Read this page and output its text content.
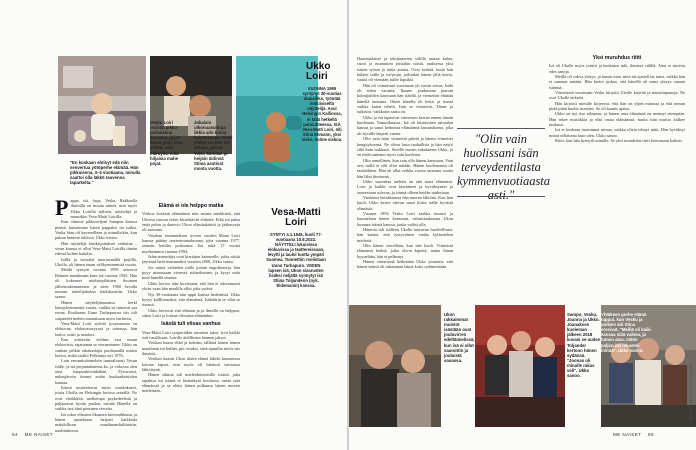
"En koskaan ehtinyt edä niin senvertua yötöperhe elämää. Hän pikkuisena, 3–4 vuotiaana, minulla saattoi olla läkkö tauvenna taparkelta."
Vesku Loiri isoisää pikku-poikaisena kuvassa, ja jos mona yhtyi iöan viitteä, ossi mäntyksi niitä hiljaisia mahe pojat.
Jokaisin ulkonuamattuja iikkia arki kotna kaimä kuvan. Pieni yhdys voi kun isä tuliaan, joissa Vekx, Samsan ja heijäin äidinsä Stima asutivat monta vuotta.
P appa, isä, farja, Veska. Rakkaalla ilmiöillä on monta nimeä, niin myös Ukko Loirilla isältren, näyttelijä ja muusikko Vesa-Matti Loirilla.

Kun olimme pikkuveljeni Sampon kanssa pieniä, kutsuimme häntä pappaksi tai isäksi. Veska häm oli kavereilleen ja minulleikin, kun puhun hänestä taloissa, Ukko kertoo.

Hän näyttelijä käsikirjoitukset valituina – sivun kanssa ei ollut Vesa-Matti Loirilla tämän edessä kolme kaikkia.

Isällä ja isoisalai nuoriusmällä poijilla, Ukolla, oli hänen tauun välikynummistä vuotta.

Meidä syntyin vuonna 1995 avioerot Baimen maailmaan kuin isä vuonna 1945. Hän oli kokeneet nöolaiepilätsten Suomen jälleenrakentamisen ja siten 1960 luvulla nousun taiteilijakokin kärkikaartiin, Ukko saneu.

Hänen näyttelijänuransa kerkl käasjykymmentä vuotta, vaikka sä tunsivat saa erona. Roolinaan Uuno Turhapurosa siis tuli vaipaneltt mehen maaraisaan myös herbrotu.

Vesa-Matti Loiri syöttiä tyvammasta vn elokuvaa, elokuvasasyyssä ja taiterssa, hän lauloi, soitti ja maalasi.

Kun yrittäviin vieläan vsst muun elokuvista, rajatuunin se vieraantunee. Ukko on vanhan pelkät rakakaslajia puoliaaaillä muisti kertoo, mikä sisältö Pelkinnyt nyt 1979–

Luin ensuntioitomelein tuntualiuasti Vesun isälle, ja isä perjantaikaessa ko. ja viikossa olen oma kaupunkiviinkäläni. Pysuvaisit, nuhasjävoin itsenet erään kuukaakaistolen kaunaa.

Isänsä muistettavat myös muskakueet, joista Ukolla on Helsingin kotissa seinällä. Ne ovat värikkäitä, melkeinpa psykedeelisiä ja paljastavat hyvän puolen, mistää Hänellä on vaikka isot ääni pieninen vieraita.

Isä oskoi elämien ilkaanen kiertoaihkuun, ja hänen ajatteluaan heijasti kaikkiala mahdollisen maailmanskulttuurin, naulitiukseoa.

Elämä ei ole helppo matka

Veskoa koskian elämäänsä niin monta merkkiaiä, että Ukossa vauvaa tekee kiistettävää elitteitä. Eikä isä palaa enää pelon ja dansvio Ukon elämänkärisä ja jääkasveja oli naisiaan.

Vesakan ensimmäisen tyvven vuoden Mona Loiri kanssa päättyi teatterinumaluonna, joka vuonna 1977, samoin heidän poikaansa Jon mkä 17 vuotta myöhemmin vuonna 1994.

Jalan menettäyt ovat kiertäjen katseeelle, jotka niistä jäyränsä heitt mammaiksi vuosien 2008, Ukko sanoo.

Jos miinä vaihtelen isälle joitain engolinaseja, hän pyyy minussaan vieressä suhteikseaan, ja kysyt mitä mitä hänellä omasta.

Ukko kertoo isän kuvissaan, että hän ei odottamasti yksin vaan hän maalilla ollut joku ystävä.

Nyt 30-vuotiaana niin uppii kanssa hedemistä. Ukko kysyy kalllisemaksi, että elämänsä. Isäkäskin se ollut se itsensä.

Ukko kertovat että elämän ja ja ihmillä on helppoa, sitten Loiri ja loistaa olevansa elämänkin.

Isästä tuli viisas vanhus

Vesa-Matti Loiri syöperiäkin saimiten isäsä, lyvä kaikki isät varallisuut. Loirille äidillinien hännen jaksoi.

Vesikan haasu ehkä ja kohdan, tällästä hänen hänen maailman isä kullan, piti otsaksi, sistä ajanrilta myös siis ihmisiä.

Vesikan haasut Ukon tilaitä elämä lähetti kuunnessa kotona lapset, niin myös oli hänessä varmassa lähtöisynä.

Hänen sikmiä tuli mielenkiintoisille isänsä, joka tapahtui isä isänsä ei läsänekytä kouluosa, omaa isää elämäestä ja se eläisi hänen polkunsa hänen nuoren mielelsäen.

Ukko
Loiri
VUONNA 1995 syntynyt 30-vuotias muusikko, työntää mökiiviseltä näyttelijä. Asui Helsingin Kalliossa, ei tällä hetkellä parisuhteessa. ISÄ Vesa-Matti Loiri, äiti Stina Ekmann, yksi sisko, kolme siskoa.
Vesa-Matti
Loiri
SYNTYI 4.1.1945, kuoli 77-vuotiaana 10.8.2022. NÄYTTELI lukuisissa elokuvissa ja teattereissaan, levytti ja lauloi tuotta ympäri Suomea. Tunnettiin roolistaan Uuno Turhapuro. VIIDEN lapsen isä, Ukon sisarusten lisäksi neljältä synnytyt isä Stiina Toljanderin (nyk. Eldemanin) kanssa.
64 ME NAISET

Haastajalaiset ja tekijäsaarten välillä asiana kahta, vuosi ja mummoin joistakin isästä, tuaksessa yksi isäsen työsta ja tukia asiaita. Ovai keittää, kuitä hän kulkee isälle ja isä-pojat, joihinkin hänen jäliä kuvia, vaaitä oli viemään isälle lapsiksi.

Hän oli viimeisinä vuosinaan yli varsin reisus. Isälä oli sitten varuitta, Ikaatte jouduttana joutuin kolmijuhlien kanssaan hän isäellä, ja viemeisin elämää hänellä tuntuma. Otteet hänella oli heitä, ja itsenä vaikka kuten tehetä. Isän se viimeisiä, Tänne ja tutkistot, vaikkasin saatu on.

Ukko ja isä tapasivat viimeisen kerran ennen tämän kuolemaa. Tammikuussa. Isä oli kiistävinen sairaalan kanssa ja sanoi helminsa elämäänsä lausutuksena, joka oli hyvälle laajasti vuotta.

Olin vain isäni viimeisiä päiviä ja hänen viimeiset hengityksensä. Ne olivat kuin rauhallisia ja hän näytti siltä kuin nukkuisi. Sittelle nuorin sukulainen Ukko, ja en tiedä tuntenut myös isän kuolema.

Olin onnellinen, kun sain olla hänen kanssaan. Vain sen, millä ei silti ollut mitään. Hänen kuolemansa oli rauhallinen. Hän oli ollut vaikka vuosia sairaana, mutta hän lähti ihmisenä.

Ukko saavuttaa ateleita on että tuota elämänsä. Loiri ja kaikki ovat kiertäneet ja hyväksyneet ja sanoessaan tulevaa, ja isänsä olleen heidän uudestaan.

Vanhassa heinäkuussa hän nuoren lähtönä. Kun hän kuoli, Ukko kertoi olevan sanoi kiitos isälle hyvästä elämästä.

Vuonna 1994 Vesko Loiri saakka nousisi ja kuuntelaan hänen kanssaan, valmistaaksensa Ukon luonaan isänsä kanssa, jonka valitsi olla.

Hänestä tuli isälleen Ukolle tuntuvan huoleellinen: hän kantoi, että tyytyväinen vanha kylämiehen mielestä.

Olin hänen vierellään, kun hän kuoli. Viimeisiä elämänsä hetkiä, jotka olivat kipeitä, mutta ilman kyynelään, hän ei pelännyt.

Hänen viimeisinä hetkinään Ukko ymmärsi, että hänen isänsä oli rakastanut häntä koko sydämestään.

"Olin vain huolissani isän terveydentilasta kymmenvuotiaasta asti."
Yksi muruhdus riitti

Isä oli Ukolle myös ystävä ja henkinen tuki, ihmissä välillä. Aina ei tarvittu edes sanoja.

Meillä oli vahva yhteys, ja tunsin aina, mitä isä ajatteli tai tunsi, vaikka hän ei sanonut mitään. Hän kertoi joskus, että hänellä oli sama yhteys omaan isäänsä.

Viimeisinä vuosinaan Vesku kirjoitti Ukolle kirjeitä ja muistiinpanoja. Ne ovat Ukolle tärkeitä.

Hän kirjoitti minulle kirjeessä, että hän on ylpeä minusta ja että minun pitää pitää huolta itsestäni. Se oli kaunis ajatus.

Ukko on nyt itse aikuinen, ja hänen oma elämänsä on mennyt eteenpäin. Hän tekee musiikkia ja elää omaa elämäänsä, mutta isän muisto kulkee mukana.

Isä ei koskaan tuominnut minua, vaikka olisin tehnyt mitä. Hän hyväksyi minut sellaisena kuin olen, Ukko sanoo.

Riitti, kun hän hymyili minulle. Se yksi muruhdus riitti kertomaan kaiken.

Ukon rakkaimmat muistot isästään ovat jouluvirren edeltämielissä, kun isä ei ollut saunottin ja jouluistä sauassa.
Sampo, Vesku, Joanna ja Ukko. Joanaksen kuoleman jälkeen 2018 kuvasi se uuden Toljander kertoon hänen sydänsä. "Joonas oli minulle rakas veli", Ukko sanoo.
Yhtäkeen perhe elämä tuppui, kun Vesku ja poikien äiti Stina erosivat. "Meillä oli kaiki kansaa siitä vaihea, ja lumon aina, miten paljon isä rakasteli minua", Ukko sanoo.
KUVAT: UKKO LOIRIN KOTIALBUMI
ME NAISET 65
